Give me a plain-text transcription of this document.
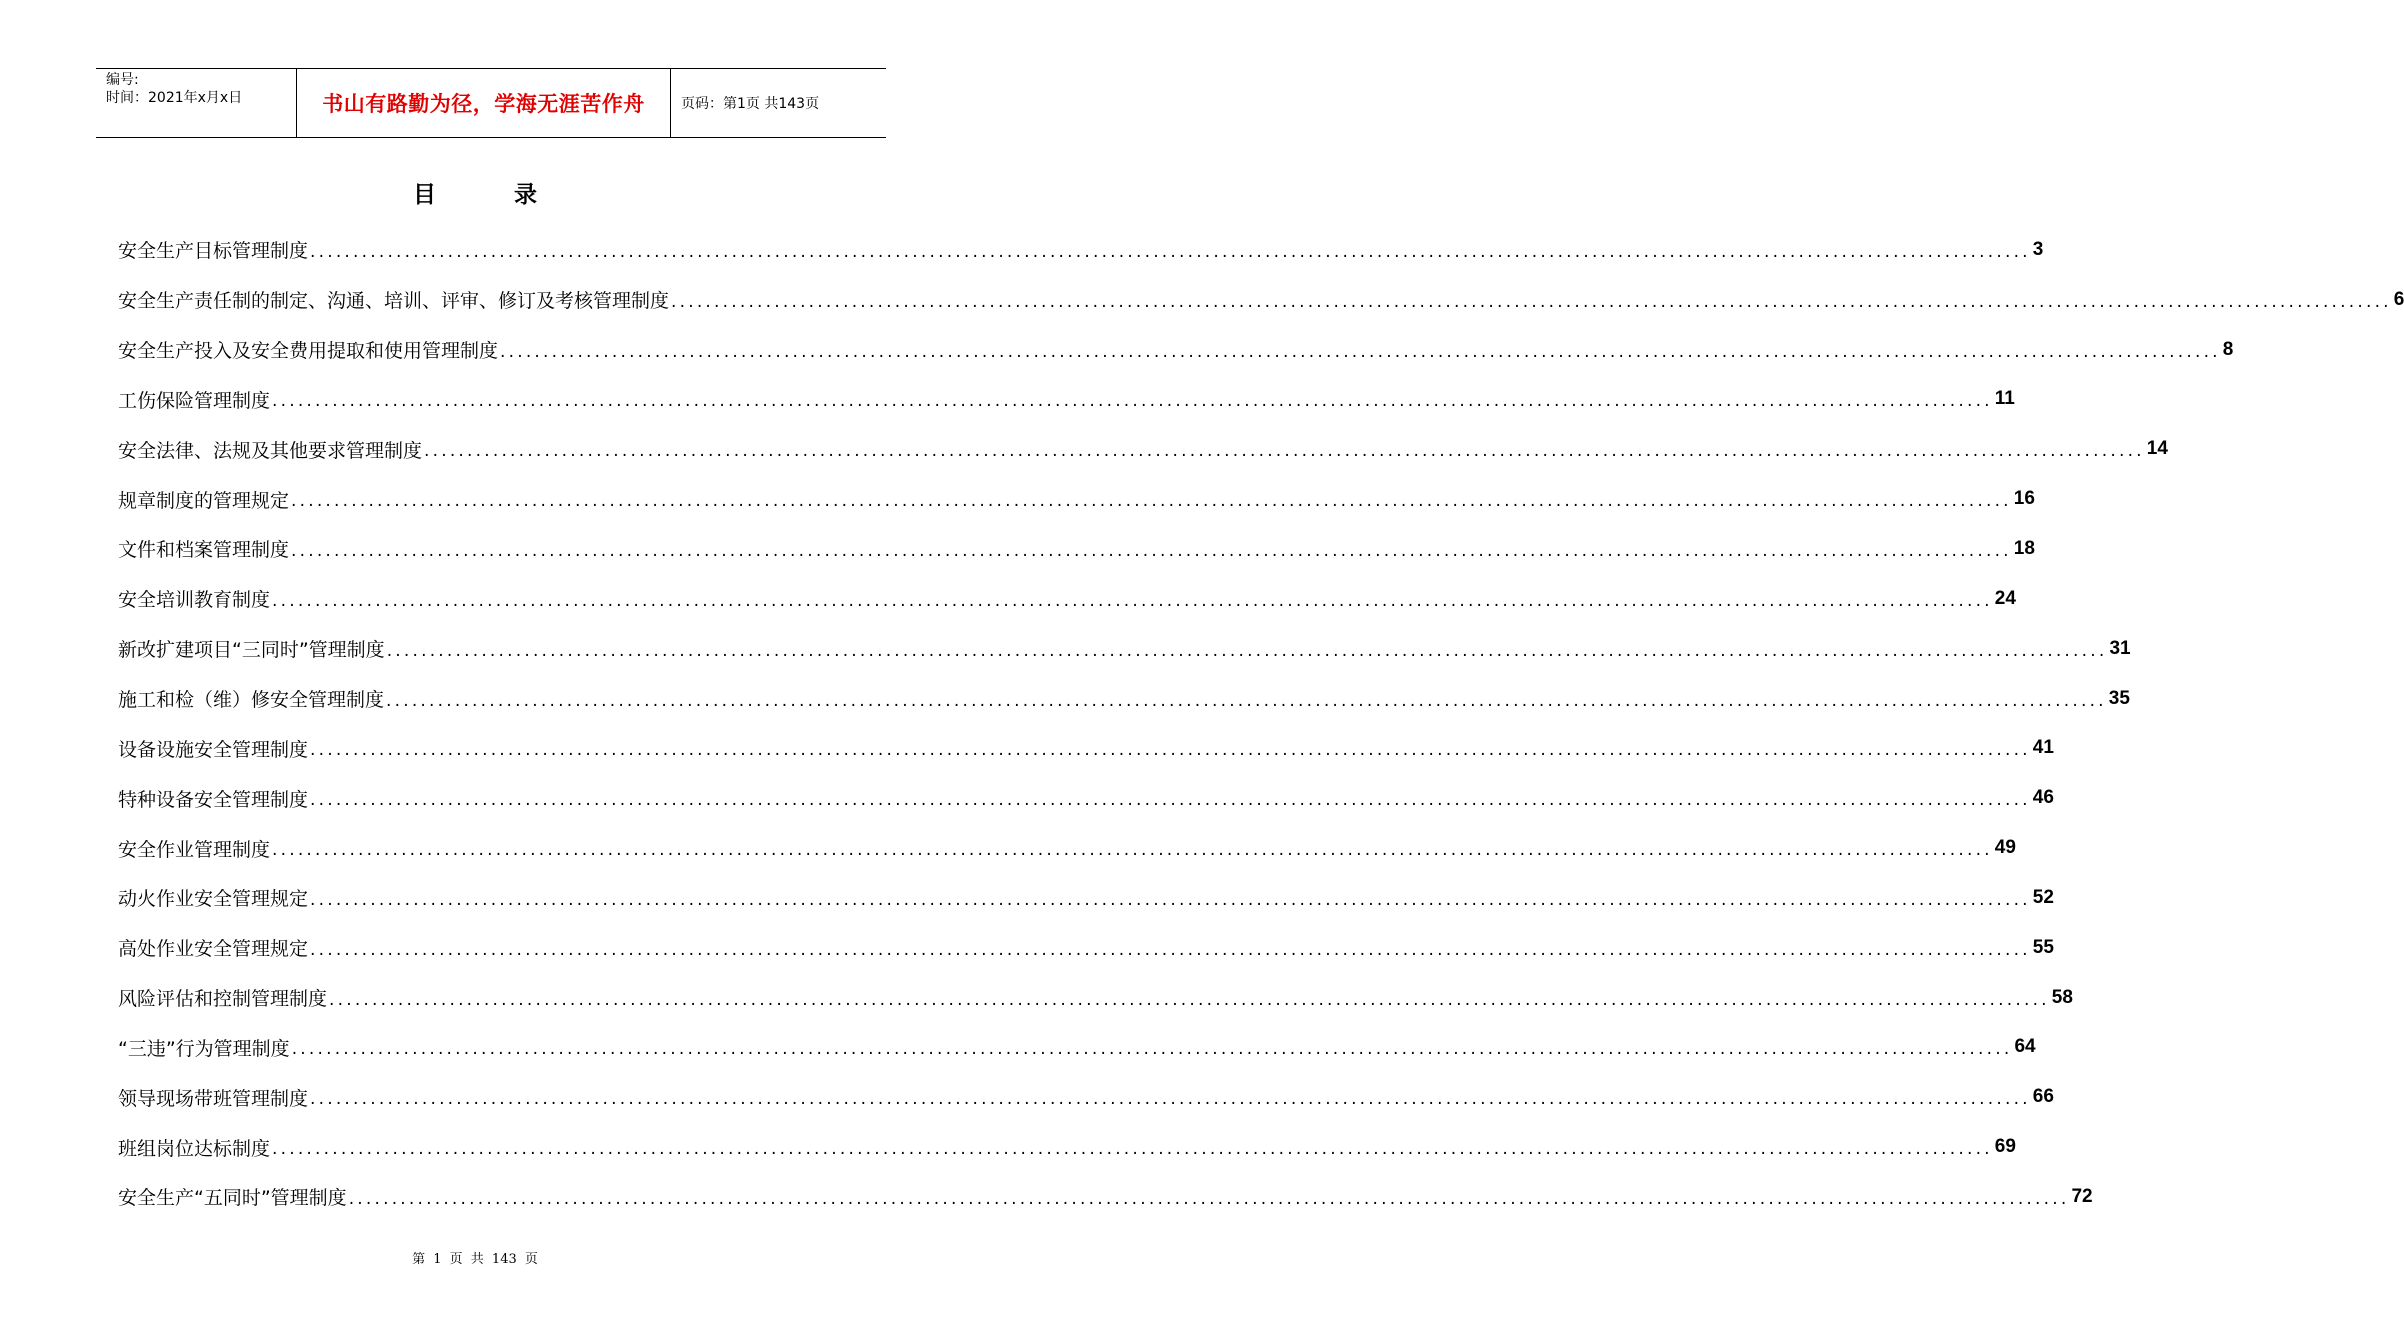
编号:
时间：2021年x月x日	书山有路勤为径，学海无涯苦作舟	页码：第1页 共143页
目录
安全生产目标管理制度 ........................................................................................................................................................................................................ 3
安全生产责任制的制定、沟通、培训、评审、修订及考核管理制度 ........................................................................................................................................................................................................ 6
安全生产投入及安全费用提取和使用管理制度 ........................................................................................................................................................................................................ 8
工伤保险管理制度 ........................................................................................................................................................................................................ 11
安全法律、法规及其他要求管理制度 ........................................................................................................................................................................................................ 14
规章制度的管理规定 ........................................................................................................................................................................................................ 16
文件和档案管理制度 ........................................................................................................................................................................................................ 18
安全培训教育制度 ........................................................................................................................................................................................................ 24
新改扩建项目“三同时”管理制度 ........................................................................................................................................................................................................ 31
施工和检（维）修安全管理制度 ........................................................................................................................................................................................................ 35
设备设施安全管理制度 ........................................................................................................................................................................................................ 41
特种设备安全管理制度 ........................................................................................................................................................................................................ 46
安全作业管理制度 ........................................................................................................................................................................................................ 49
动火作业安全管理规定 ........................................................................................................................................................................................................ 52
高处作业安全管理规定 ........................................................................................................................................................................................................ 55
风险评估和控制管理制度 ........................................................................................................................................................................................................ 58
“三违”行为管理制度 ........................................................................................................................................................................................................ 64
领导现场带班管理制度 ........................................................................................................................................................................................................ 66
班组岗位达标制度 ........................................................................................................................................................................................................ 69
安全生产“五同时”管理制度 ........................................................................................................................................................................................................ 72
第 1 页 共 143 页
